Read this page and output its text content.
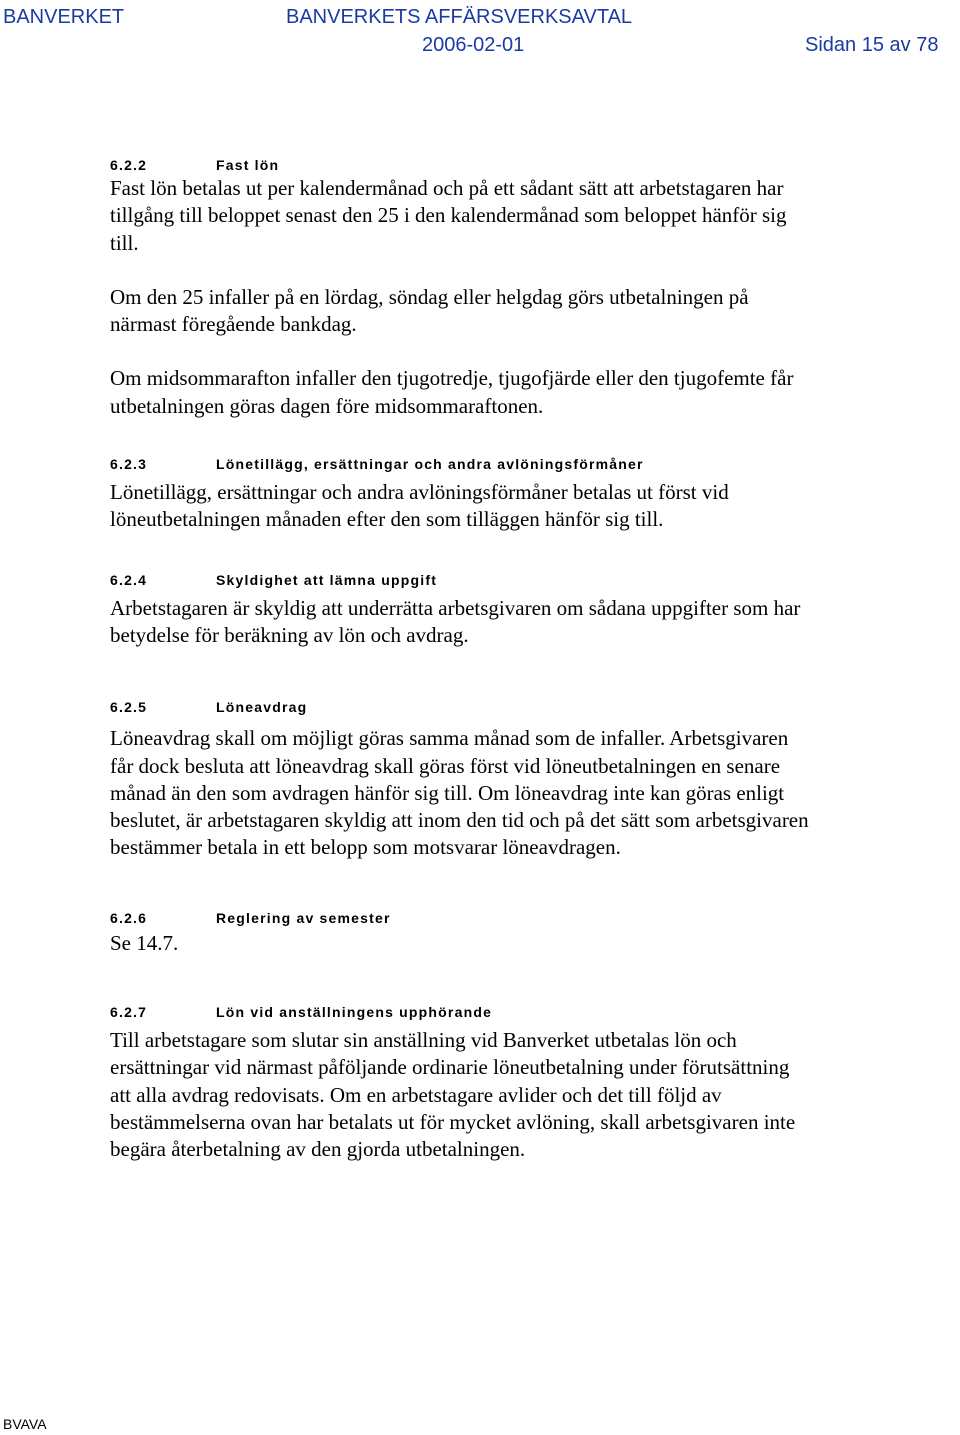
BANVERKET	BANVERKETS AFFÄRSVERKSAVTAL
2006-02-01	Sidan 15 av 78
6.2.2	Fast lön

Fast lön betalas ut per kalendermånad och på ett sådant sätt att arbetstagaren har tillgång till beloppet senast den 25 i den kalendermånad som beloppet hänför sig till.

Om den 25 infaller på en lördag, söndag eller helgdag görs utbetalningen på närmast föregående bankdag.

Om midsommarafton infaller den tjugotredje, tjugofjärde eller den tjugofemte får utbetalningen göras dagen före midsommaraftonen.

6.2.3	Lönetillägg, ersättningar och andra avlöningsförmåner

Lönetillägg, ersättningar och andra avlöningsförmåner betalas ut först vid löneutbetalningen månaden efter den som tilläggen hänför sig till.

6.2.4	Skyldighet att lämna uppgift

Arbetstagaren är skyldig att underrätta arbetsgivaren om sådana uppgifter som har betydelse för beräkning av lön och avdrag.

6.2.5	Löneavdrag

Löneavdrag skall om möjligt göras samma månad som de infaller. Arbetsgivaren får dock besluta att löneavdrag skall göras först vid löneutbetalningen en senare månad än den som avdragen hänför sig till. Om löneavdrag inte kan göras enligt beslutet, är arbetstagaren skyldig att inom den tid och på det sätt som arbetsgivaren bestämmer betala in ett belopp som motsvarar löneavdragen.

6.2.6	Reglering av semester

Se 14.7.

6.2.7	Lön vid anställningens upphörande

Till arbetstagare som slutar sin anställning vid Banverket utbetalas lön och ersättningar vid närmast påföljande ordinarie löneutbetalning under förutsättning att alla avdrag redovisats. Om en arbetstagare avlider och det till följd av bestämmelserna ovan har betalats ut för mycket avlöning, skall arbetsgivaren inte begära återbetalning av den gjorda utbetalningen.

BVAVA
